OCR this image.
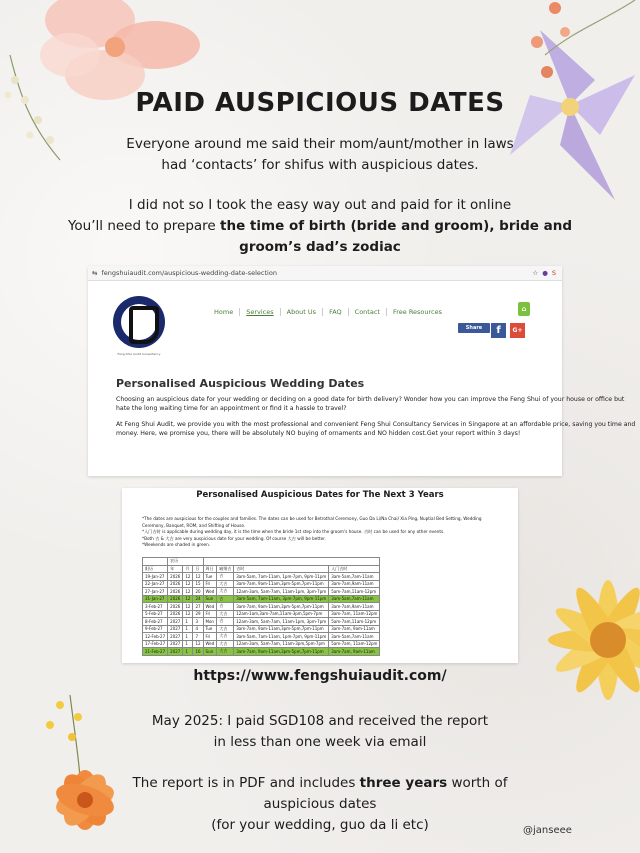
PAID AUSPICIOUS DATES
Everyone around me said their mom/aunt/mother in laws
had ‘contacts’ for shifus with auspicious dates.
I did not so I took the easy way out and paid for it online
You’ll need to prepare the time of birth (bride and groom), bride and
groom’s dad’s zodiac
⇆ fengshuiaudit.com/auspicious-wedding-date-selection	☆ ● S
Feng Shui Audit Consultancy
Home	Services	About Us	FAQ	Contact	Free Resources	⌂
Share f G+
Personalised Auspicious Wedding Dates
Choosing an auspicious date for your wedding or deciding on a good date for birth delivery? Wonder how you can improve the Feng Shui of your house or office but hate the long waiting time for an appointment or find it a hassle to travel?
At Feng Shui Audit, we provide you with the most professional and convenient Feng Shui Consultancy Services in Singapore at an affordable price, saving you time and money. Here, we promise you, there will be absolutely NO buying of ornaments and NO hidden cost.Get your report within 3 days!
Personalised Auspicious Dates for The Next 3 Years
*The dates are auspicious for the couples and families. The dates can be used for Betrothal Ceremony, Guo Da Li/Na Chai/ Xia Ping, Nuptial Bed Setting, Wedding Ceremony, Banquet, ROM, and Shifting of House.
*入门吉时 is applicable during wedding day, it is the time when the bride 1st step into the groom's house. 吉时 can be used for any other events.
*Both 吉 & 大吉 are very auspicious date for your wedding. Of course 大吉 will be better.
*Weekends are shaded in green.
	农历						
阳历	年	月	日	周日	喻聚吉	吉时	入门吉时
19-Jan-27	2026	12	12	Tue	吉	3am-5am, 7am-11am, 1pm-7pm, 9pm-11pm	3am-5am,7am-11am
22-Jan-27	2026	12	15	Fri	大吉	3am-7am, 9am-11am,3pm-5pm,7pm-11pm	3am-7am,9am-11am
27-Jan-27	2026	12	20	Wed	大吉	12am-3am, 5am-7am, 11am-1pm, 3pm-7pm	5am-7am,11am-12pm
31-Jan-27	2026	12	24	Sun	吉	3am-5am, 7am-11am, 3pm-7pm, 9pm-11pm	3am-5am,7am-11am
3-Feb-27	2026	12	27	Wed	吉	3am-7am, 9am-11am,3pm-5pm,7pm-11pm	3am-7am,9am-11am
5-Feb-27	2026	12	29	Fri	大吉	12am-1am,3am-7am,11am-3pm,5pm-7pm	3am-7am, 11am-12pm
8-Feb-27	2027	1	3	Mon	吉	12am-3am, 5am-7am, 11am-1pm, 3pm-7pm	5am-7am,11am-12pm
9-Feb-27	2027	1	4	Tue	大吉	3am-7am, 9am-11am,3pm-5pm,7pm-11pm	3am-7am, 9am-11am
12-Feb-27	2027	1	7	Fri	大吉	3am-5am, 7am-11am, 1pm-7pm, 9pm-11pm	3am-5am,7am-11am
17-Feb-27	2027	1	12	Wed	大吉	12am-3am, 5am-7am, 11am-3pm,5pm-7pm	5am-7am, 11am-12pm
21-Feb-27	2027	1	16	Sun	大吉	3am-7am, 9am-11am,3pm-5pm,7pm-11pm	3am-7am, 9am-11am
https://www.fengshuiaudit.com/
May 2025: I paid SGD108 and received the report
in less than one week via email
The report is in PDF and includes three years worth of
auspicious dates
(for your wedding, guo da li etc)	@janseee
